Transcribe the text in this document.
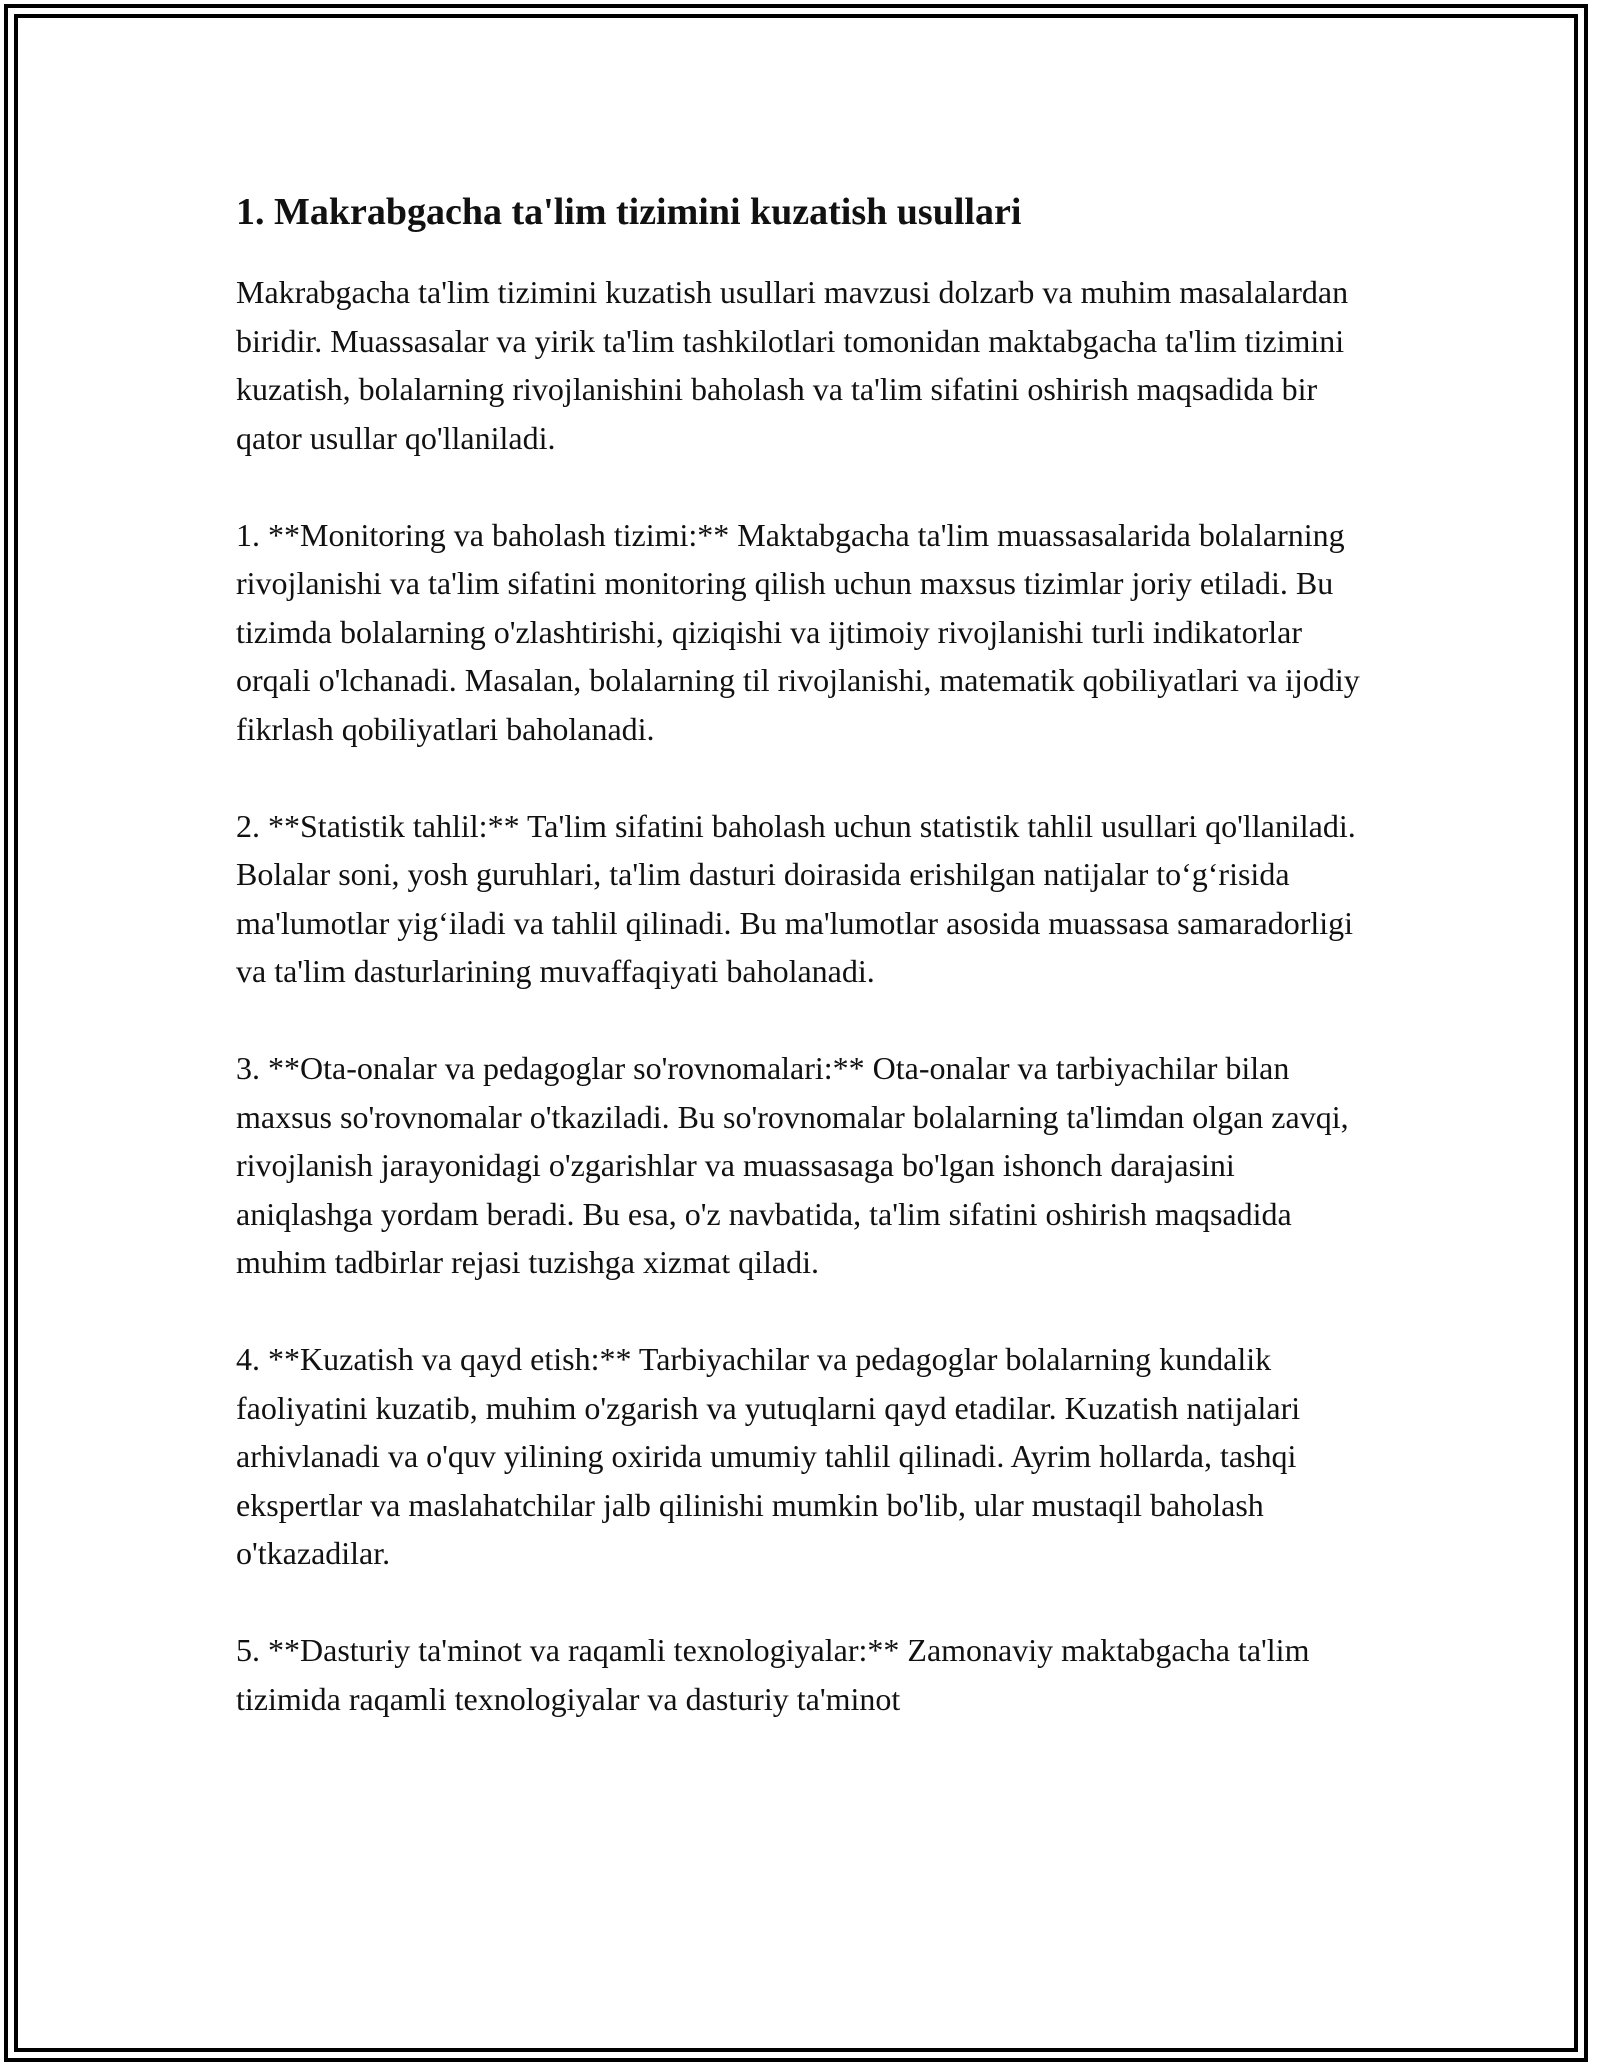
1. Makrabgacha ta'lim tizimini kuzatish usullari

Makrabgacha ta'lim tizimini kuzatish usullari mavzusi dolzarb va muhim masalalardan biridir. Muassasalar va yirik ta'lim tashkilotlari tomonidan maktabgacha ta'lim tizimini kuzatish, bolalarning rivojlanishini baholash va ta'lim sifatini oshirish maqsadida bir qator usullar qo'llaniladi.

1. **Monitoring va baholash tizimi:** Maktabgacha ta'lim muassasalarida bolalarning rivojlanishi va ta'lim sifatini monitoring qilish uchun maxsus tizimlar joriy etiladi. Bu tizimda bolalarning o'zlashtirishi, qiziqishi va ijtimoiy rivojlanishi turli indikatorlar orqali o'lchanadi. Masalan, bolalarning til rivojlanishi, matematik qobiliyatlari va ijodiy fikrlash qobiliyatlari baholanadi.

2. **Statistik tahlil:** Ta'lim sifatini baholash uchun statistik tahlil usullari qo'llaniladi. Bolalar soni, yosh guruhlari, ta'lim dasturi doirasida erishilgan natijalar to‘g‘risida ma'lumotlar yig‘iladi va tahlil qilinadi. Bu ma'lumotlar asosida muassasa samaradorligi va ta'lim dasturlarining muvaffaqiyati baholanadi.

3. **Ota-onalar va pedagoglar so'rovnomalari:** Ota-onalar va tarbiyachilar bilan maxsus so'rovnomalar o'tkaziladi. Bu so'rovnomalar bolalarning ta'limdan olgan zavqi, rivojlanish jarayonidagi o'zgarishlar va muassasaga bo'lgan ishonch darajasini aniqlashga yordam beradi. Bu esa, o'z navbatida, ta'lim sifatini oshirish maqsadida muhim tadbirlar rejasi tuzishga xizmat qiladi.

4. **Kuzatish va qayd etish:** Tarbiyachilar va pedagoglar bolalarning kundalik faoliyatini kuzatib, muhim o'zgarish va yutuqlarni qayd etadilar. Kuzatish natijalari arhivlanadi va o'quv yilining oxirida umumiy tahlil qilinadi. Ayrim hollarda, tashqi ekspertlar va maslahatchilar jalb qilinishi mumkin bo'lib, ular mustaqil baholash o'tkazadilar.

5. **Dasturiy ta'minot va raqamli texnologiyalar:** Zamonaviy maktabgacha ta'lim tizimida raqamli texnologiyalar va dasturiy ta'minot
